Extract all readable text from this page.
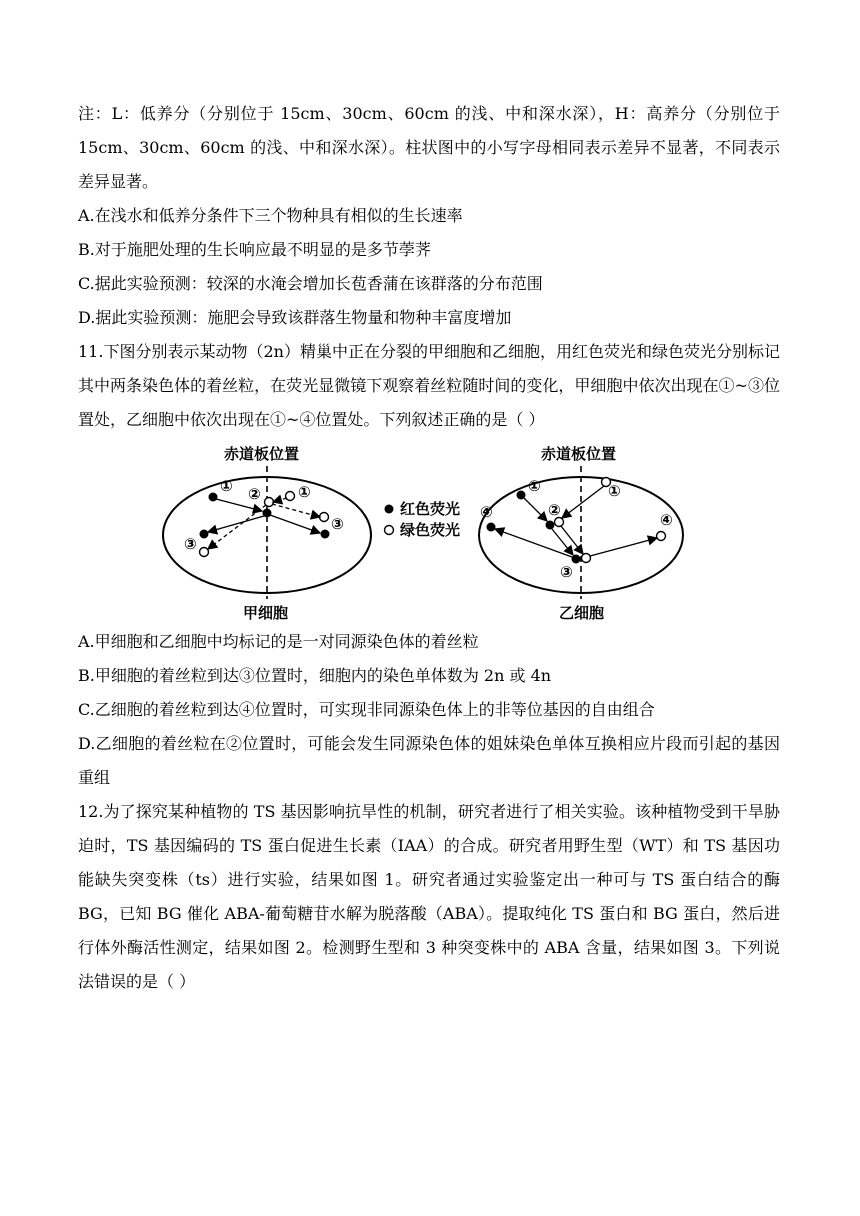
注：L：低养分（分别位于 15cm、30cm、60cm 的浅、中和深水深），H：高养分（分别位于 15cm、30cm、60cm 的浅、中和深水深）。柱状图中的小写字母相同表示差异不显著，不同表示差异显著。

A.在浅水和低养分条件下三个物种具有相似的生长速率

B.对于施肥处理的生长响应最不明显的是多节荸荠

C.据此实验预测：较深的水淹会增加长苞香蒲在该群落的分布范围

D.据此实验预测：施肥会导致该群落生物量和物种丰富度增加

11.下图分别表示某动物（2n）精巢中正在分裂的甲细胞和乙细胞，用红色荧光和绿色荧光分别标记其中两条染色体的着丝粒，在荧光显微镜下观察着丝粒随时间的变化，甲细胞中依次出现在①~③位置处，乙细胞中依次出现在①~④位置处。下列叙述正确的是（ ）

赤道板位置
①	①
②
③
③
甲细胞
红色荧光
绿色荧光
赤道板位置
①	①
②
③
④	④
乙细胞

A.甲细胞和乙细胞中均标记的是一对同源染色体的着丝粒

B.甲细胞的着丝粒到达③位置时，细胞内的染色单体数为 2n 或 4n

C.乙细胞的着丝粒到达④位置时，可实现非同源染色体上的非等位基因的自由组合

D.乙细胞的着丝粒在②位置时，可能会发生同源染色体的姐妹染色单体互换相应片段而引起的基因重组

12.为了探究某种植物的 TS 基因影响抗旱性的机制，研究者进行了相关实验。该种植物受到干旱胁迫时，TS 基因编码的 TS 蛋白促进生长素（IAA）的合成。研究者用野生型（WT）和 TS 基因功能缺失突变株（ts）进行实验，结果如图 1。研究者通过实验鉴定出一种可与 TS 蛋白结合的酶 BG，已知 BG 催化 ABA-葡萄糖苷水解为脱落酸（ABA）。提取纯化 TS 蛋白和 BG 蛋白，然后进行体外酶活性测定，结果如图 2。检测野生型和 3 种突变株中的 ABA 含量，结果如图 3。下列说法错误的是（ ）
